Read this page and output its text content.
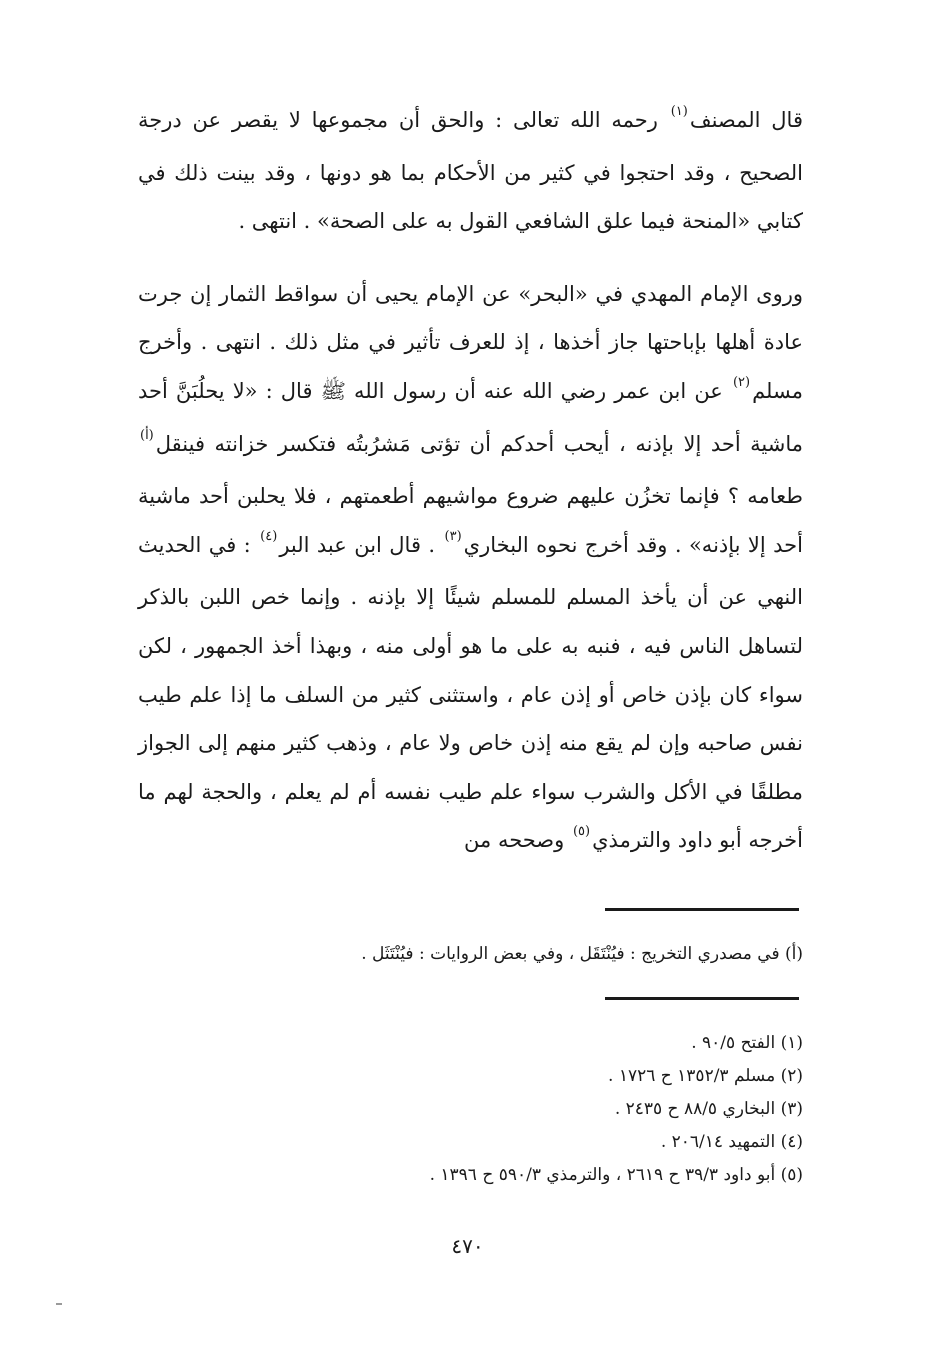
قال المصنف(١) رحمه الله تعالى : والحق أن مجموعها لا يقصر عن درجة الصحيح ، وقد احتجوا في كثير من الأحكام بما هو دونها ، وقد بينت ذلك في كتابي «المنحة فيما علق الشافعي القول به على الصحة» . انتهى .

وروى الإمام المهدي في «البحر» عن الإمام يحيى أن سواقط الثمار إن جرت عادة أهلها بإباحتها جاز أخذها ، إذ للعرف تأثير في مثل ذلك . انتهى . وأخرج مسلم(٢) عن ابن عمر رضي الله عنه أن رسول الله ﷺ قال : «لا يحلُبَنَّ أحد ماشية أحد إلا بإذنه ، أيحب أحدكم أن تؤتى مَشرُبتُه فتكسر خزانته فينقل(أ) طعامه ؟ فإنما تخزُن عليهم ضروع مواشيهم أطعمتهم ، فلا يحلبن أحد ماشية أحد إلا بإذنه» . وقد أخرج نحوه البخاري(٣) . قال ابن عبد البر(٤) : في الحديث النهي عن أن يأخذ المسلم للمسلم شيئًا إلا بإذنه . وإنما خص اللبن بالذكر لتساهل الناس فيه ، فنبه به على ما هو أولى منه ، وبهذا أخذ الجمهور ، لكن سواء كان بإذن خاص أو إذن عام ، واستثنى كثير من السلف ما إذا علم طيب نفس صاحبه وإن لم يقع منه إذن خاص ولا عام ، وذهب كثير منهم إلى الجواز مطلقًا في الأكل والشرب سواء علم طيب نفسه أم لم يعلم ، والحجة لهم ما أخرجه أبو داود والترمذي(٥) وصححه من

(أ) في مصدري التخريج : فيُنْتَقَل ، وفي بعض الروايات : فيُنْتَثَل .
(١) الفتح ٩٠/٥ .
(٢) مسلم ١٣٥٢/٣ ح ١٧٢٦ .
(٣) البخاري ٨٨/٥ ح ٢٤٣٥ .
(٤) التمهيد ٢٠٦/١٤ .
(٥) أبو داود ٣٩/٣ ح ٢٦١٩ ، والترمذي ٥٩٠/٣ ح ١٣٩٦ .
٤٧٠
